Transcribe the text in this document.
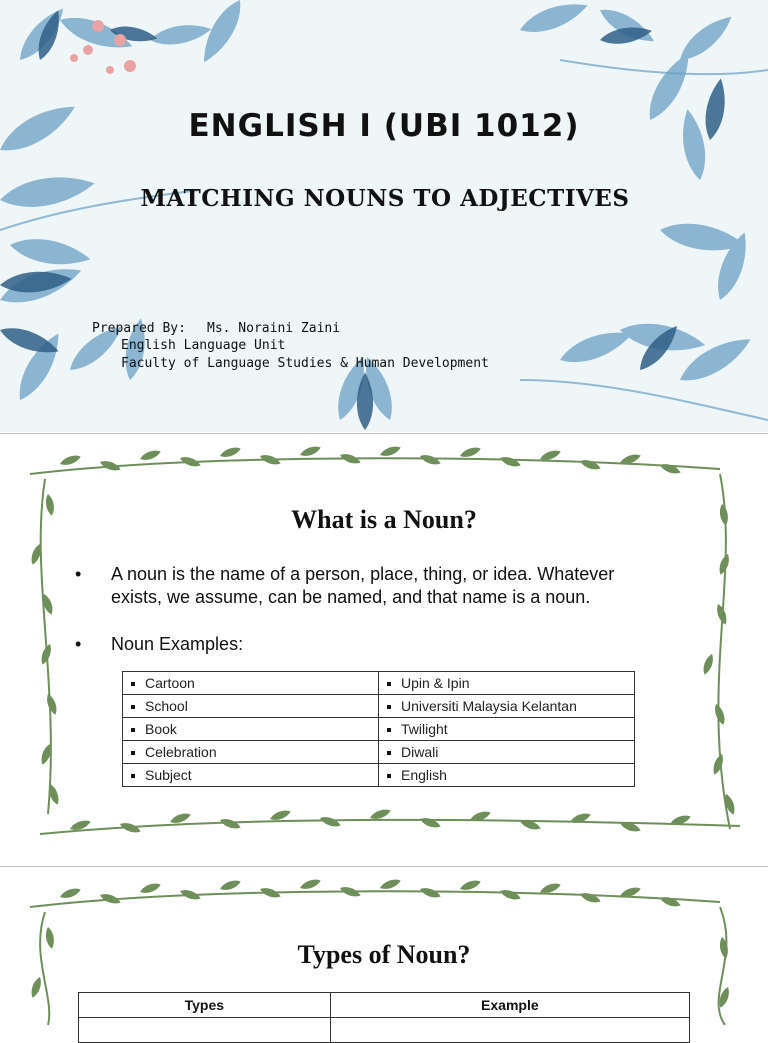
ENGLISH I (UBI 1012)
MATCHING NOUNS TO ADJECTIVES
Prepared By: Ms. Noraini Zaini
English Language Unit
Faculty of Language Studies & Human Development
What is a Noun?
• A noun is the name of a person, place, thing, or idea. Whatever
exists, we assume, can be named, and that name is a noun.
• Noun Examples:
Cartoon	Upin & Ipin
School	Universiti Malaysia Kelantan
Book	Twilight
Celebration	Diwali
Subject	English
Types of Noun?
Types	Example
